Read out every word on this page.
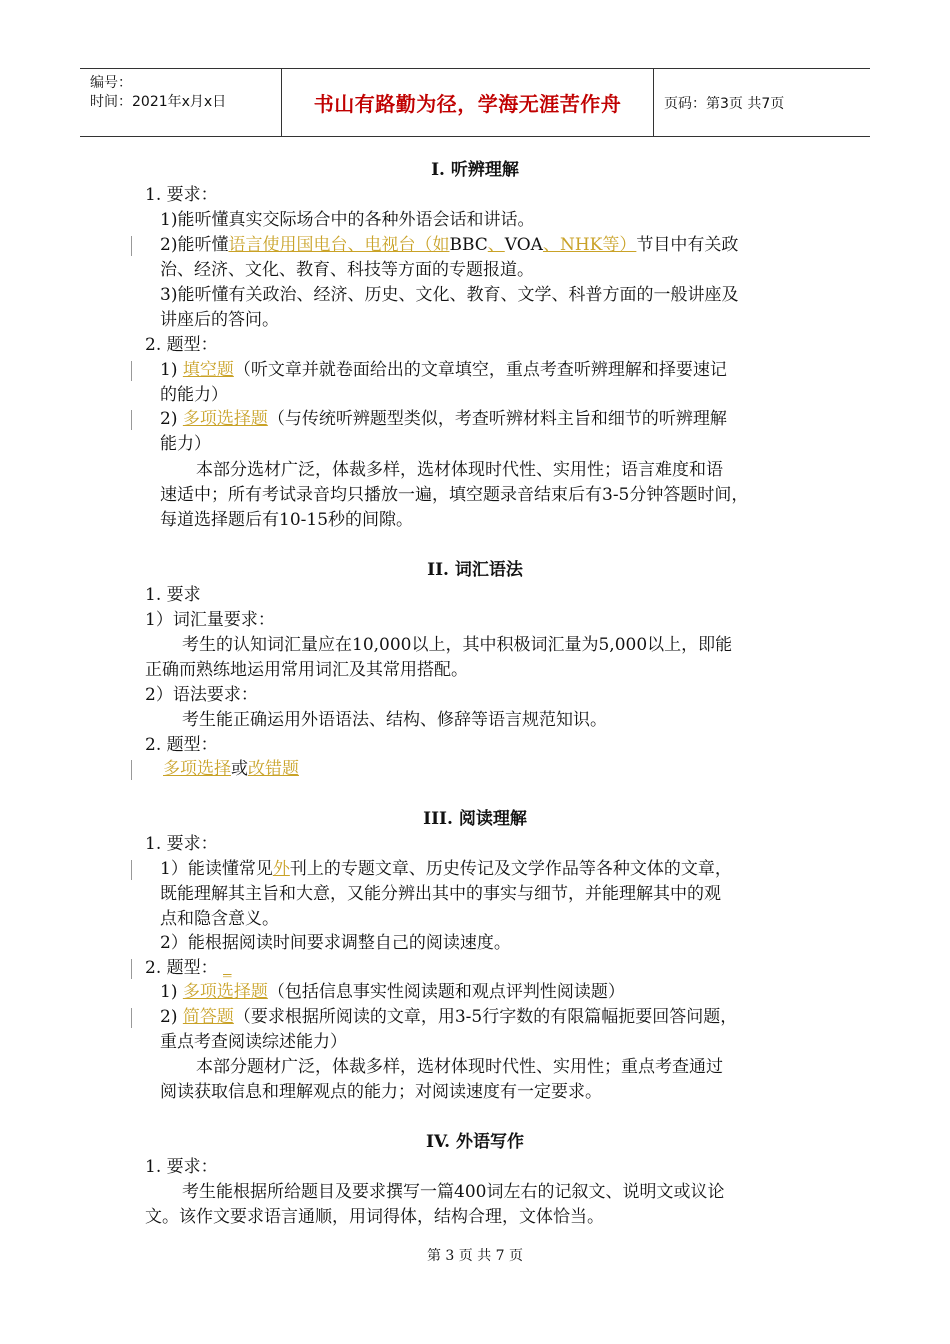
编号：
时间：2021年x月x日	书山有路勤为径，学海无涯苦作舟	页码：第3页 共7页
I. 听辨理解
1. 要求：
1)能听懂真实交际场合中的各种外语会话和讲话。
2)能听懂语言使用国电台、电视台（如BBC、VOA、NHK等）节目中有关政
治、经济、文化、教育、科技等方面的专题报道。
3)能听懂有关政治、经济、历史、文化、教育、文学、科普方面的一般讲座及
讲座后的答问。
2. 题型：
1) 填空题（听文章并就卷面给出的文章填空，重点考查听辨理解和择要速记
的能力）
2) 多项选择题（与传统听辨题型类似，考查听辨材料主旨和细节的听辨理解
能力）
本部分选材广泛，体裁多样，选材体现时代性、实用性；语言难度和语
速适中；所有考试录音均只播放一遍，填空题录音结束后有3-5分钟答题时间，
每道选择题后有10-15秒的间隙。
II. 词汇语法
1. 要求
1）词汇量要求：
考生的认知词汇量应在10,000以上，其中积极词汇量为5,000以上，即能
正确而熟练地运用常用词汇及其常用搭配。
2）语法要求：
考生能正确运用外语语法、结构、修辞等语言规范知识。
2. 题型：
多项选择或改错题
III. 阅读理解
1. 要求：
1）能读懂常见外刊上的专题文章、历史传记及文学作品等各种文体的文章，
既能理解其主旨和大意，又能分辨出其中的事实与细节，并能理解其中的观
点和隐含意义。
2）能根据阅读时间要求调整自己的阅读速度。
2. 题型： _
1) 多项选择题（包括信息事实性阅读题和观点评判性阅读题）
2) 简答题（要求根据所阅读的文章，用3-5行字数的有限篇幅扼要回答问题，
重点考查阅读综述能力）
本部分题材广泛，体裁多样，选材体现时代性、实用性；重点考查通过
阅读获取信息和理解观点的能力；对阅读速度有一定要求。
IV. 外语写作
1. 要求：
考生能根据所给题目及要求撰写一篇400词左右的记叙文、说明文或议论
文。该作文要求语言通顺，用词得体，结构合理，文体恰当。
第 3 页 共 7 页
